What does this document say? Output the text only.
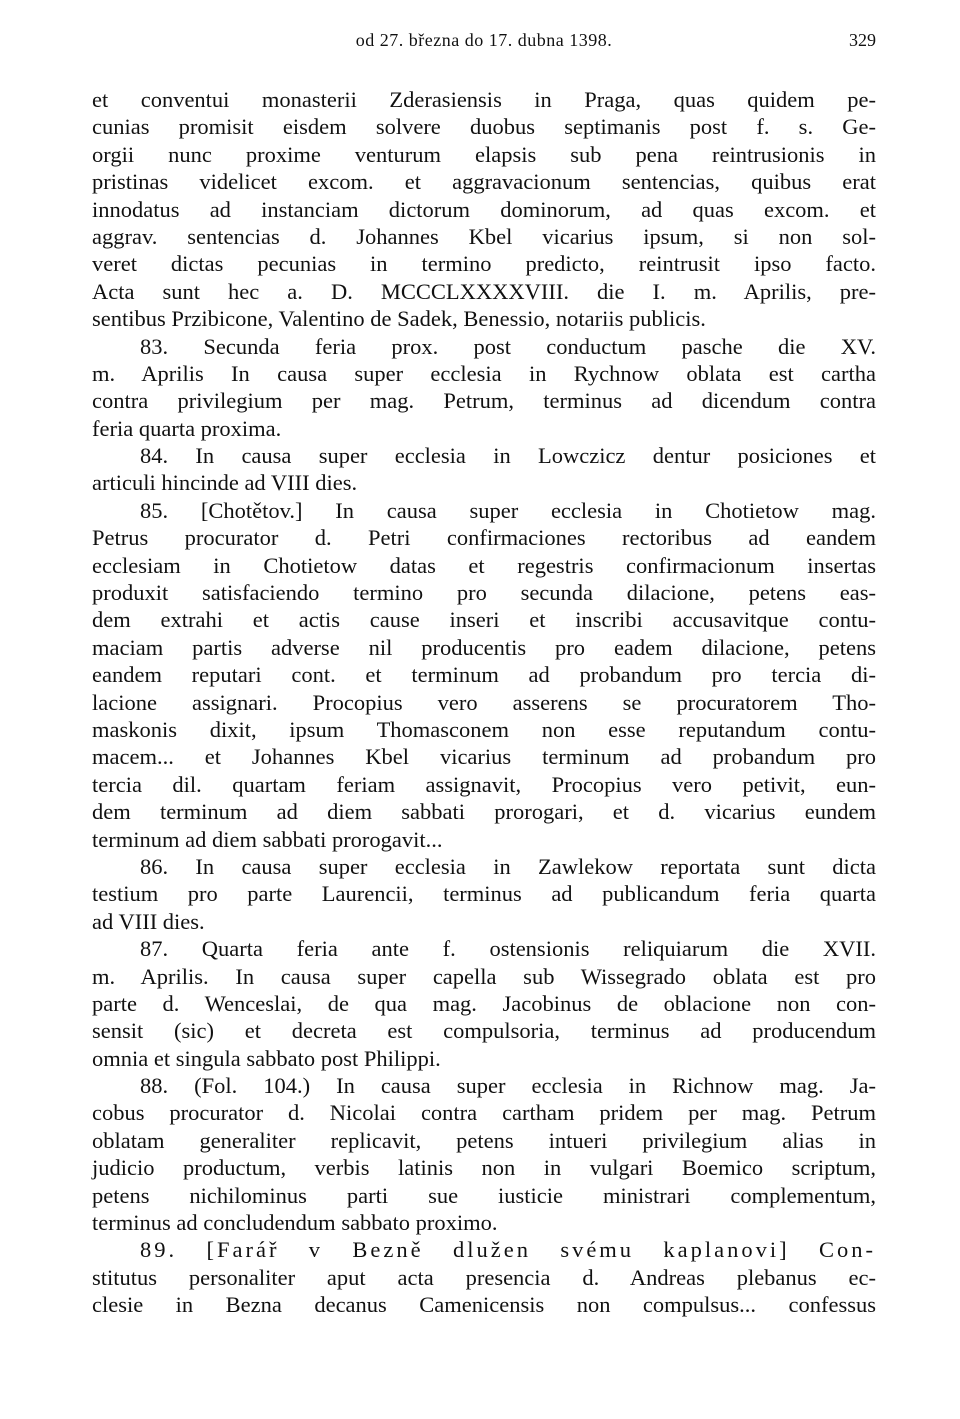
od 27. března do 17. dubna 1398.	329
et conventui monasterii Zderasiensis in Praga, quas quidem pe-
cunias promisit eisdem solvere duobus septimanis post f. s. Ge-
orgii nunc proxime venturum elapsis sub pena reintrusionis in
pristinas videlicet excom. et aggravacionum sentencias, quibus erat
innodatus ad instanciam dictorum dominorum, ad quas excom. et
aggrav. sentencias d. Johannes Kbel vicarius ipsum, si non sol-
veret dictas pecunias in termino predicto, reintrusit ipso facto.
Acta sunt hec a. D. MCCCLXXXXVIII. die I. m. Aprilis, pre-
sentibus Przibicone, Valentino de Sadek, Benessio, notariis publicis.
83. Secunda feria prox. post conductum pasche die XV.
m. Aprilis In causa super ecclesia in Rychnow oblata est cartha
contra privilegium per mag. Petrum, terminus ad dicendum contra
feria quarta proxima.
84. In causa super ecclesia in Lowczicz dentur posiciones et
articuli hincinde ad VIII dies.
85. [Chotětov.] In causa super ecclesia in Chotietow mag.
Petrus procurator d. Petri confirmaciones rectoribus ad eandem
ecclesiam in Chotietow datas et regestris confirmacionum insertas
produxit satisfaciendo termino pro secunda dilacione, petens eas-
dem extrahi et actis cause inseri et inscribi accusavitque contu-
maciam partis adverse nil producentis pro eadem dilacione, petens
eandem reputari cont. et terminum ad probandum pro tercia di-
lacione assignari. Procopius vero asserens se procuratorem Tho-
maskonis dixit, ipsum Thomasconem non esse reputandum contu-
macem... et Johannes Kbel vicarius terminum ad probandum pro
tercia dil. quartam feriam assignavit, Procopius vero petivit, eun-
dem terminum ad diem sabbati prorogari, et d. vicarius eundem
terminum ad diem sabbati prorogavit...
86. In causa super ecclesia in Zawlekow reportata sunt dicta
testium pro parte Laurencii, terminus ad publicandum feria quarta
ad VIII dies.
87. Quarta feria ante f. ostensionis reliquiarum die XVII.
m. Aprilis. In causa super capella sub Wissegrado oblata est pro
parte d. Wenceslai, de qua mag. Jacobinus de oblacione non con-
sensit (sic) et decreta est compulsoria, terminus ad producendum
omnia et singula sabbato post Philippi.
88. (Fol. 104.) In causa super ecclesia in Richnow mag. Ja-
cobus procurator d. Nicolai contra cartham pridem per mag. Petrum
oblatam generaliter replicavit, petens intueri privilegium alias in
judicio productum, verbis latinis non in vulgari Boemico scriptum,
petens nichilominus parti sue iusticie ministrari complementum,
terminus ad concludendum sabbato proximo.
89. [Farář v Bezně dlužen svému kaplanovi] Con-
stitutus personaliter aput acta presencia d. Andreas plebanus ec-
clesie in Bezna decanus Camenicensis non compulsus... confessus
